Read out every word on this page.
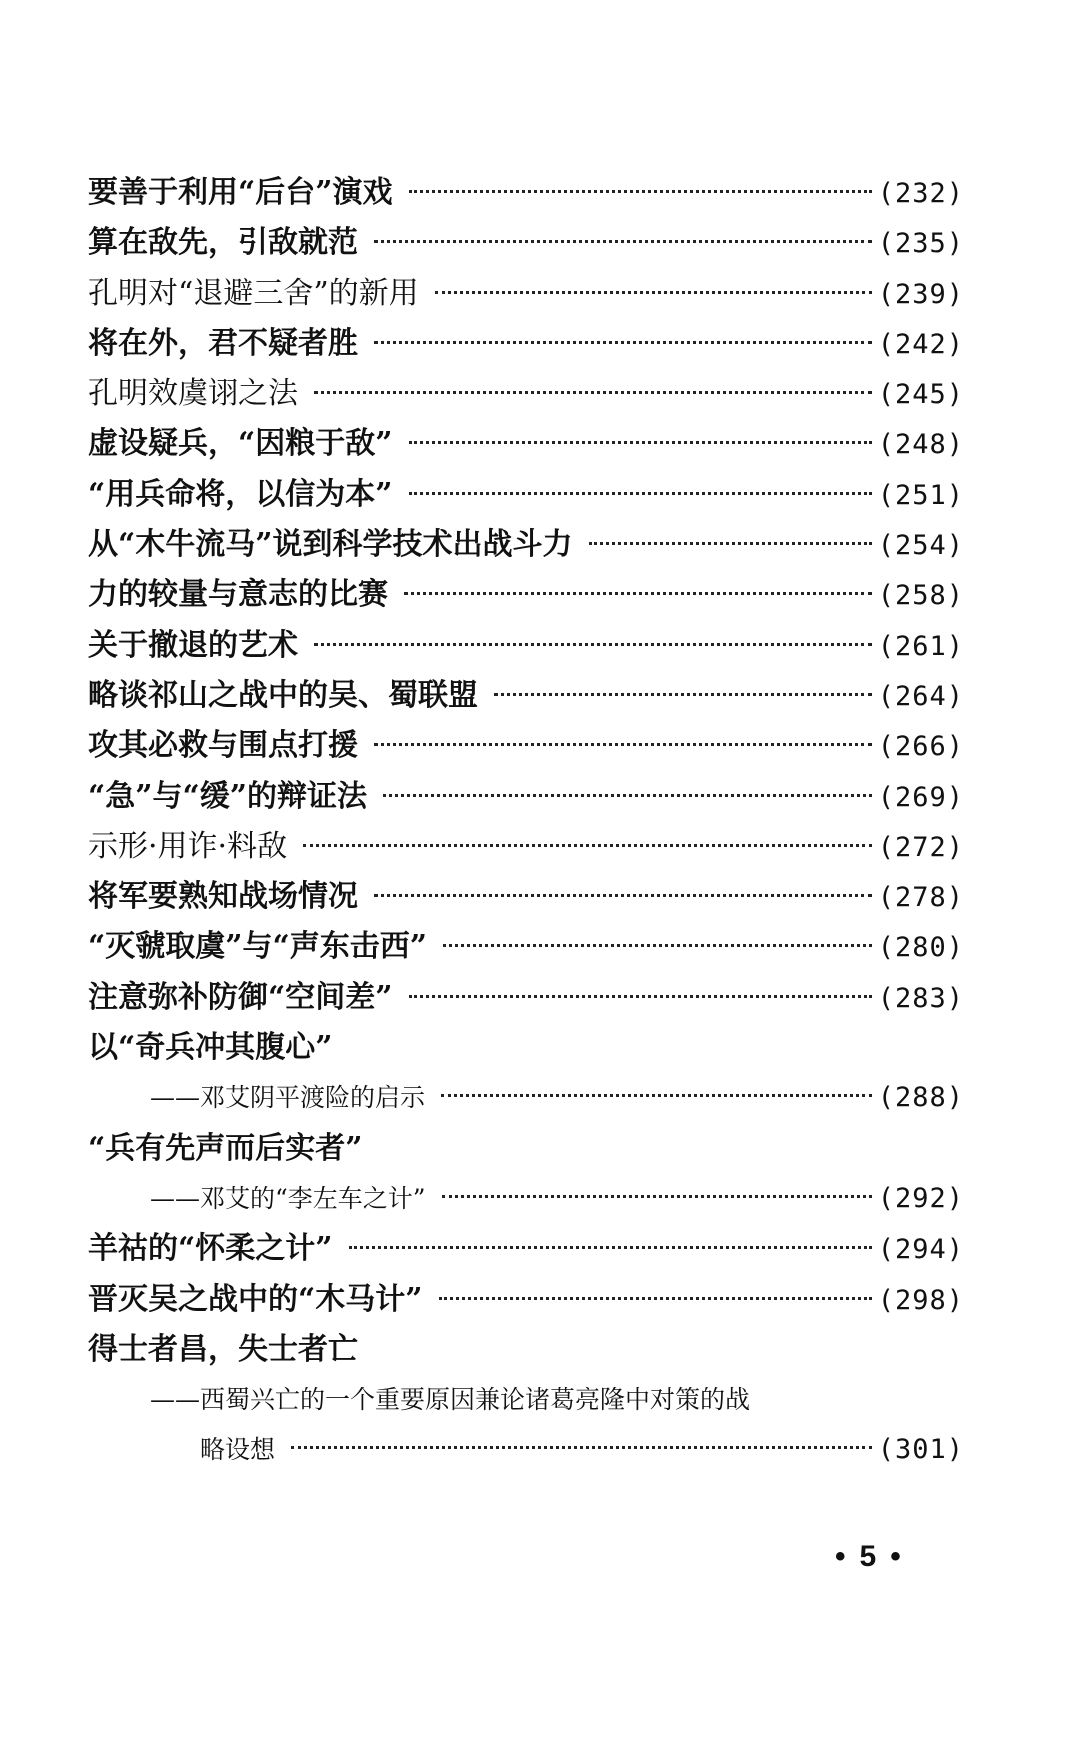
要善于利用“后台”演戏	(232)
算在敌先，引敌就范	(235)
孔明对“退避三舍”的新用	(239)
将在外，君不疑者胜	(242)
孔明效虞诩之法	(245)
虚设疑兵，“因粮于敌”	(248)
“用兵命将，以信为本”	(251)
从“木牛流马”说到科学技术出战斗力	(254)
力的较量与意志的比赛	(258)
关于撤退的艺术	(261)
略谈祁山之战中的吴、蜀联盟	(264)
攻其必救与围点打援	(266)
“急”与“缓”的辩证法	(269)
示形·用诈·料敌	(272)
将军要熟知战场情况	(278)
“灭虢取虞”与“声东击西”	(280)
注意弥补防御“空间差”	(283)
以“奇兵冲其腹心”
——邓艾阴平渡险的启示	(288)
“兵有先声而后实者”
——邓艾的“李左车之计”	(292)
羊祜的“怀柔之计”	(294)
晋灭吴之战中的“木马计”	(298)
得士者昌，失士者亡
——西蜀兴亡的一个重要原因兼论诸葛亮隆中对策的战
略设想	(301)
•5•
